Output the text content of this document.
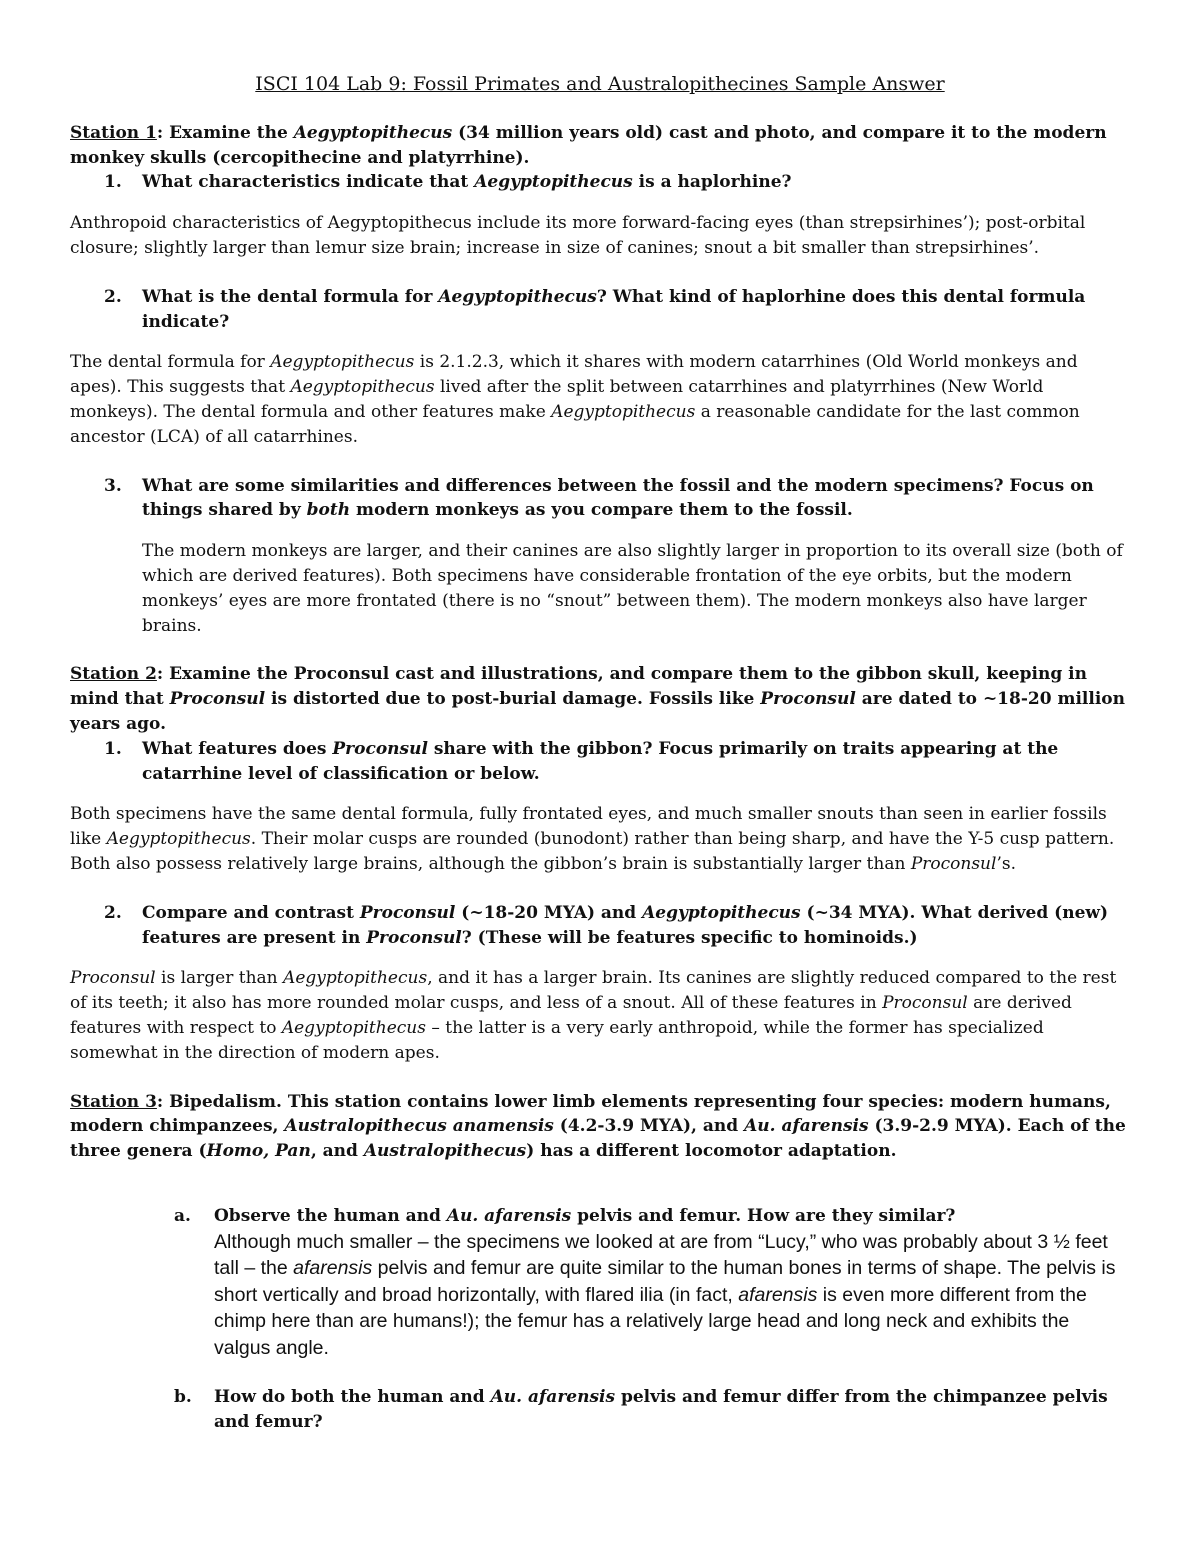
ISCI 104 Lab 9: Fossil Primates and Australopithecines Sample Answer

Station 1: Examine the Aegyptopithecus (34 million years old) cast and photo, and compare it to the modern monkey skulls (cercopithecine and platyrrhine).

1.	What characteristics indicate that Aegyptopithecus is a haplorhine?

Anthropoid characteristics of Aegyptopithecus include its more forward-facing eyes (than strepsirhines’); post-orbital closure; slightly larger than lemur size brain; increase in size of canines; snout a bit smaller than strepsirhines’.

2.	What is the dental formula for Aegyptopithecus? What kind of haplorhine does this dental formula indicate?

The dental formula for Aegyptopithecus is 2.1.2.3, which it shares with modern catarrhines (Old World monkeys and apes). This suggests that Aegyptopithecus lived after the split between catarrhines and platyrrhines (New World monkeys). The dental formula and other features make Aegyptopithecus a reasonable candidate for the last common ancestor (LCA) of all catarrhines.

3.	What are some similarities and differences between the fossil and the modern specimens? Focus on things shared by both modern monkeys as you compare them to the fossil.

The modern monkeys are larger, and their canines are also slightly larger in proportion to its overall size (both of which are derived features). Both specimens have considerable frontation of the eye orbits, but the modern monkeys’ eyes are more frontated (there is no “snout” between them). The modern monkeys also have larger brains.

Station 2: Examine the Proconsul cast and illustrations, and compare them to the gibbon skull, keeping in mind that Proconsul is distorted due to post-burial damage. Fossils like Proconsul are dated to ~18-20 million years ago.

1.	What features does Proconsul share with the gibbon? Focus primarily on traits appearing at the catarrhine level of classification or below.

Both specimens have the same dental formula, fully frontated eyes, and much smaller snouts than seen in earlier fossils like Aegyptopithecus. Their molar cusps are rounded (bunodont) rather than being sharp, and have the Y-5 cusp pattern. Both also possess relatively large brains, although the gibbon’s brain is substantially larger than Proconsul’s.

2.	Compare and contrast Proconsul (~18-20 MYA) and Aegyptopithecus (~34 MYA). What derived (new) features are present in Proconsul? (These will be features specific to hominoids.)

Proconsul is larger than Aegyptopithecus, and it has a larger brain. Its canines are slightly reduced compared to the rest of its teeth; it also has more rounded molar cusps, and less of a snout. All of these features in Proconsul are derived features with respect to Aegyptopithecus – the latter is a very early anthropoid, while the former has specialized somewhat in the direction of modern apes.

Station 3: Bipedalism. This station contains lower limb elements representing four species: modern humans, modern chimpanzees, Australopithecus anamensis (4.2-3.9 MYA), and Au. afarensis (3.9-2.9 MYA). Each of the three genera (Homo, Pan, and Australopithecus) has a different locomotor adaptation.

a.	Observe the human and Au. afarensis pelvis and femur. How are they similar?
Although much smaller – the specimens we looked at are from “Lucy,” who was probably about 3 ½ feet tall – the afarensis pelvis and femur are quite similar to the human bones in terms of shape. The pelvis is short vertically and broad horizontally, with flared ilia (in fact, afarensis is even more different from the chimp here than are humans!); the femur has a relatively large head and long neck and exhibits the valgus angle.
b.	How do both the human and Au. afarensis pelvis and femur differ from the chimpanzee pelvis and femur?
